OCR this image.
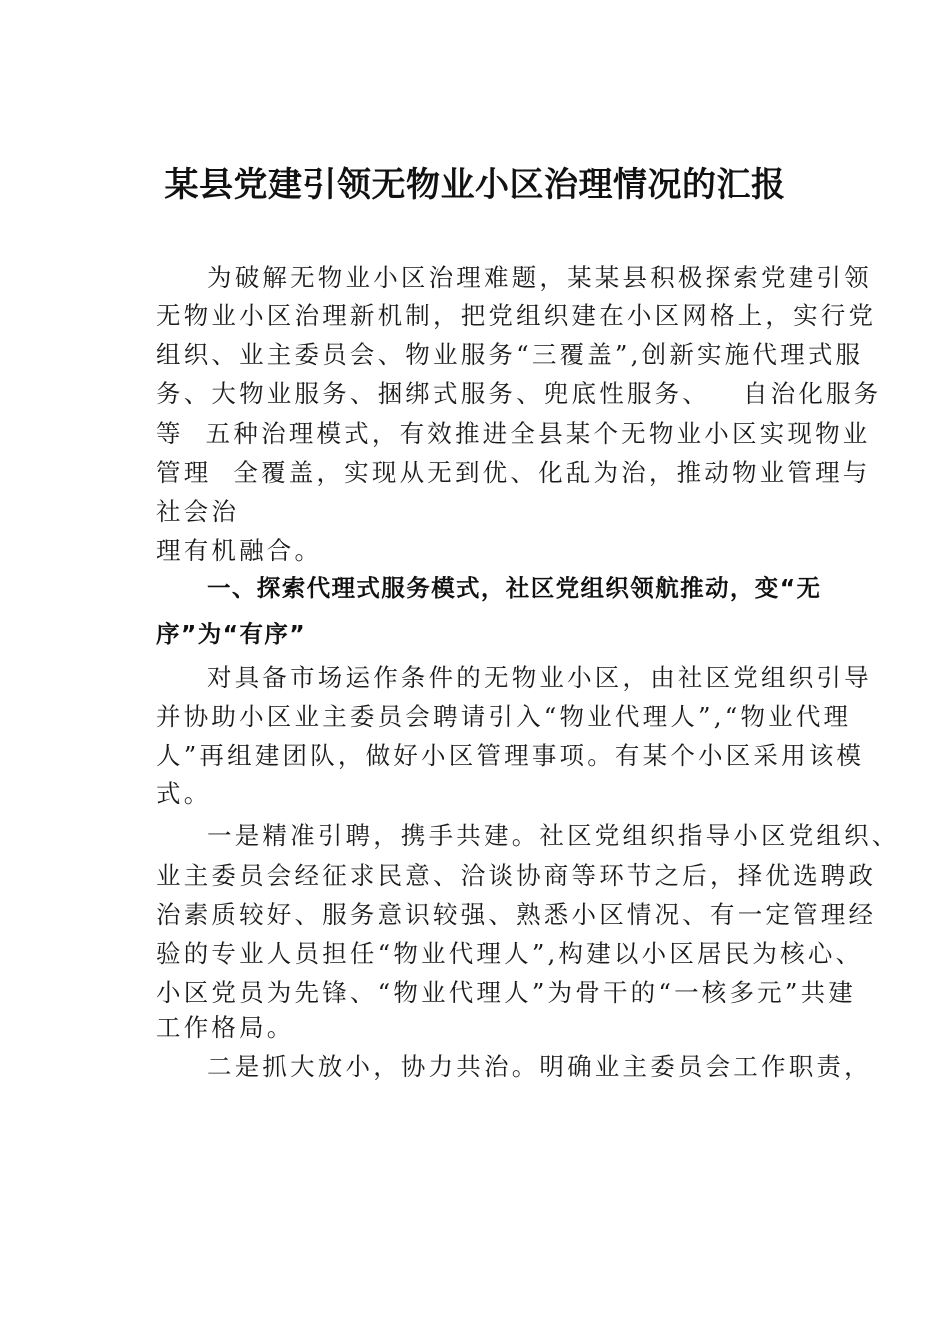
某县党建引领无物业小区治理情况的汇报
为破解无物业小区治理难题，某某县积极探索党建引领
无物业小区治理新机制，把党组织建在小区网格上，实行党
组织、业主委员会、物业服务“三覆盖”,创新实施代理式服
务、大物业服务、捆绑式服务、兜底性服务、   自治化服务
等  五种治理模式，有效推进全县某个无物业小区实现物业
管理  全覆盖，实现从无到优、化乱为治，推动物业管理与
社会治
理有机融合。
一、探索代理式服务模式，社区党组织领航推动，变“无
序”为“有序”
对具备市场运作条件的无物业小区，由社区党组织引导
并协助小区业主委员会聘请引入“物业代理人”,“物业代理
人”再组建团队，做好小区管理事项。有某个小区采用该模
式。
一是精准引聘，携手共建。社区党组织指导小区党组织、
业主委员会经征求民意、洽谈协商等环节之后，择优选聘政
治素质较好、服务意识较强、熟悉小区情况、有一定管理经
验的专业人员担任“物业代理人”,构建以小区居民为核心、
小区党员为先锋、“物业代理人”为骨干的“一核多元”共建
工作格局。
二是抓大放小，协力共治。明确业主委员会工作职责，
